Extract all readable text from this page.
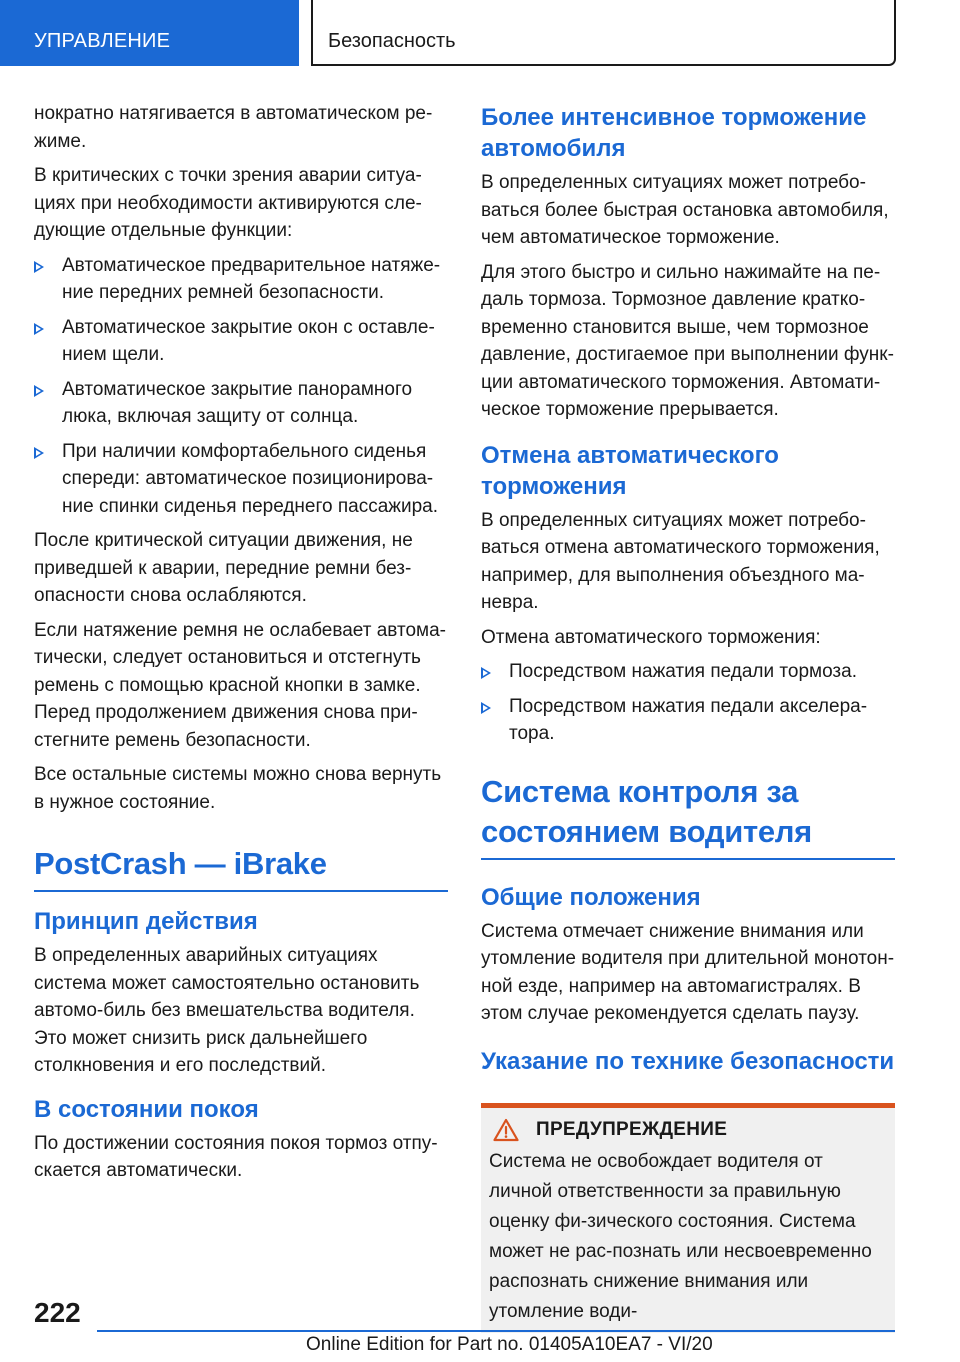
УПРАВЛЕНИЕ	Безопасность

нократно натягивается в автоматическом ре-жиме.

В критических с точки зрения аварии ситуа-циях при необходимости активируются сле-дующие отдельные функции:

Автоматическое предварительное натяже-ние передних ремней безопасности.
Автоматическое закрытие окон с оставле-нием щели.
Автоматическое закрытие панорамного люка, включая защиту от солнца.
При наличии комфортабельного сиденья спереди: автоматическое позиционирова-ние спинки сиденья переднего пассажира.

После критической ситуации движения, не приведшей к аварии, передние ремни без-опасности снова ослабляются.

Если натяжение ремня не ослабевает автома-тически, следует остановиться и отстегнуть ремень с помощью красной кнопки в замке. Перед продолжением движения снова при-стегните ремень безопасности.

Все остальные системы можно снова вернуть в нужное состояние.

PostCrash — iBrake
Принцип действия

В определенных аварийных ситуациях система может самостоятельно остановить автомо-биль без вмешательства водителя. Это может снизить риск дальнейшего столкновения и его последствий.

В состоянии покоя

По достижении состояния покоя тормоз отпу-скается автоматически.

Более интенсивное торможение автомобиля

В определенных ситуациях может потребо-ваться более быстрая остановка автомобиля, чем автоматическое торможение.

Для этого быстро и сильно нажимайте на пе-даль тормоза. Тормозное давление кратко-временно становится выше, чем тормозное давление, достигаемое при выполнении функ-ции автоматического торможения. Автомати-ческое торможение прерывается.

Отмена автоматического торможения

В определенных ситуациях может потребо-ваться отмена автоматического торможения, например, для выполнения объездного ма-невра.

Отмена автоматического торможения:

Посредством нажатия педали тормоза.
Посредством нажатия педали акселера-тора.
Система контроля за состоянием водителя
Общие положения

Система отмечает снижение внимания или утомление водителя при длительной монотон-ной езде, например на автомагистралях. В этом случае рекомендуется сделать паузу.

Указание по технике безопасности
ПРЕДУПРЕЖДЕНИЕ

Система не освобождает водителя от личной ответственности за правильную оценку фи-зического состояния. Система может не рас-познать или несвоевременно распознать снижение внимания или утомление води-

222
Online Edition for Part no. 01405A10EA7 - VI/20
